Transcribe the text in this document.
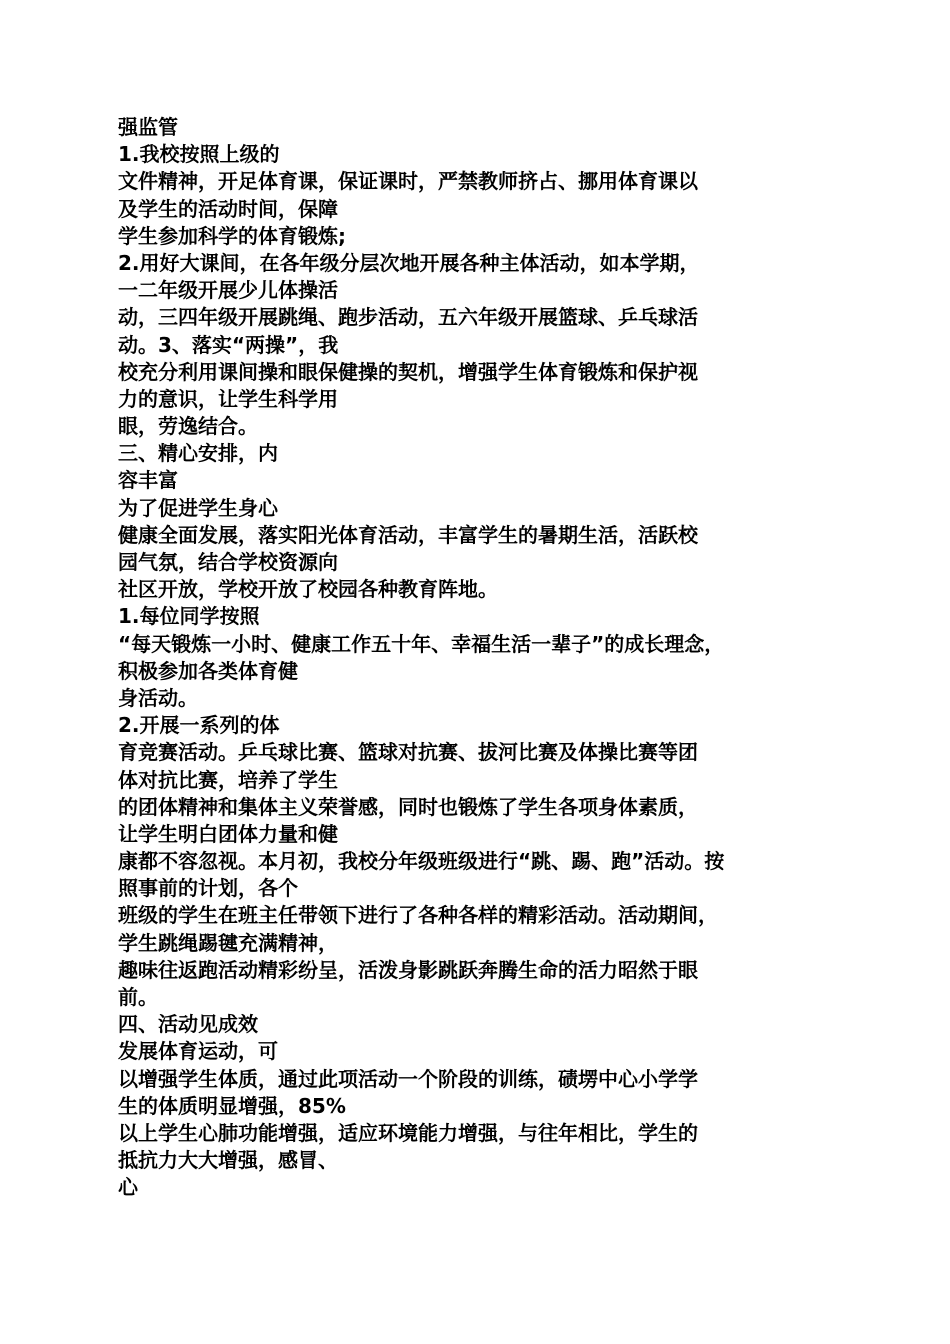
强监管
1.我校按照上级的
文件精神，开足体育课，保证课时，严禁教师挤占、挪用体育课以
及学生的活动时间，保障
学生参加科学的体育锻炼;
2.用好大课间，在各年级分层次地开展各种主体活动，如本学期，
一二年级开展少儿体操活
动，三四年级开展跳绳、跑步活动，五六年级开展篮球、乒乓球活
动。3、落实“两操”，我
校充分利用课间操和眼保健操的契机，增强学生体育锻炼和保护视
力的意识，让学生科学用
眼，劳逸结合。
三、精心安排，内
容丰富
为了促进学生身心
健康全面发展，落实阳光体育活动，丰富学生的暑期生活，活跃校
园气氛，结合学校资源向
社区开放，学校开放了校园各种教育阵地。
1.每位同学按照
“每天锻炼一小时、健康工作五十年、幸福生活一辈子”的成长理念，
积极参加各类体育健
身活动。
2.开展一系列的体
育竞赛活动。乒乓球比赛、篮球对抗赛、拔河比赛及体操比赛等团
体对抗比赛，培养了学生
的团体精神和集体主义荣誉感，同时也锻炼了学生各项身体素质，
让学生明白团体力量和健
康都不容忽视。本月初，我校分年级班级进行“跳、踢、跑”活动。按
照事前的计划，各个
班级的学生在班主任带领下进行了各种各样的精彩活动。活动期间，
学生跳绳踢毽充满精神，
趣味往返跑活动精彩纷呈，活泼身影跳跃奔腾生命的活力昭然于眼
前。
四、活动见成效
发展体育运动，可
以增强学生体质，通过此项活动一个阶段的训练，碛塄中心小学学
生的体质明显增强，85%
以上学生心肺功能增强，适应环境能力增强，与往年相比，学生的
抵抗力大大增强，感冒、
心
